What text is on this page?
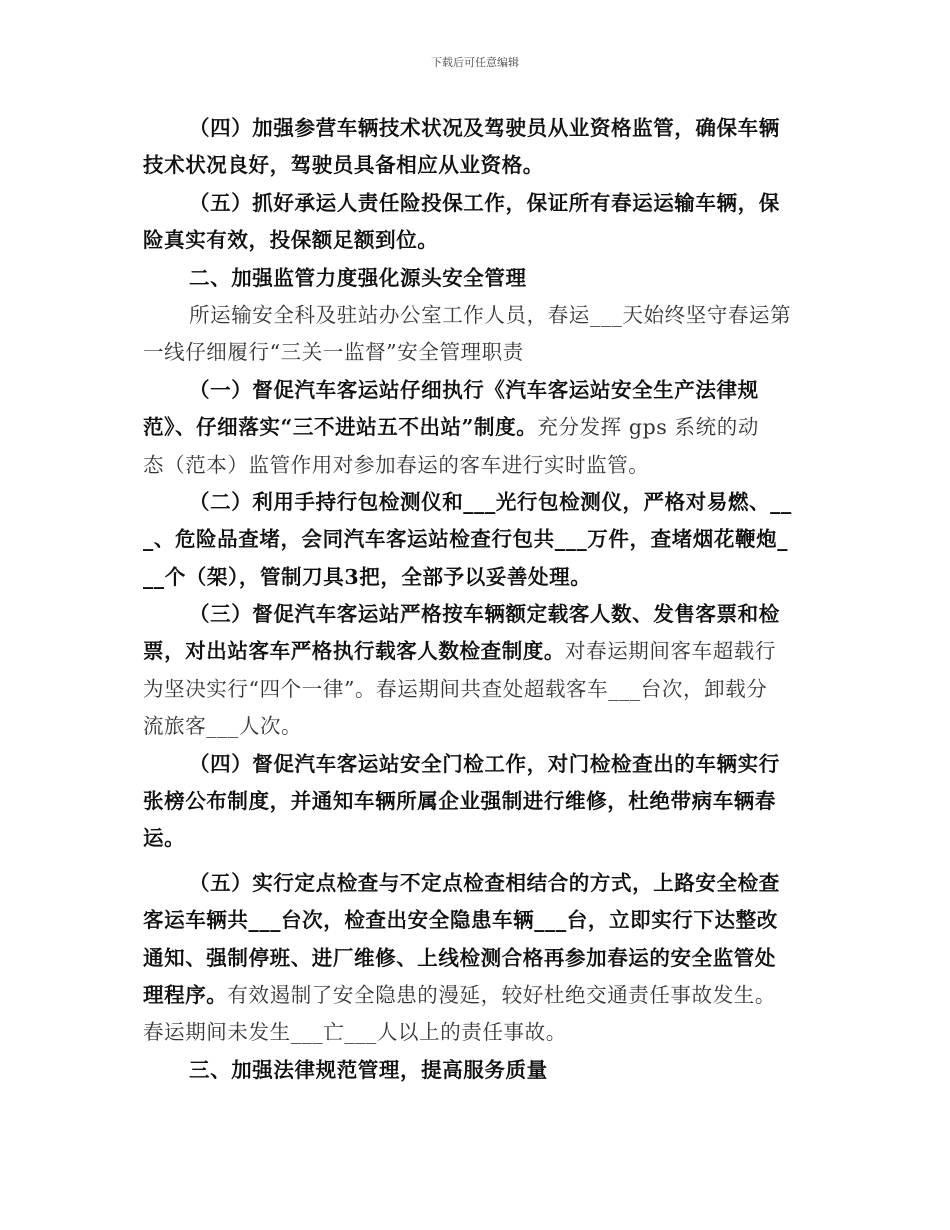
下载后可任意编辑
（四）加强参营车辆技术状况及驾驶员从业资格监管，确保车辆
技术状况良好，驾驶员具备相应从业资格。
（五）抓好承运人责任险投保工作，保证所有春运运输车辆，保
险真实有效，投保额足额到位。
二、加强监管力度强化源头安全管理
所运输安全科及驻站办公室工作人员，春运___天始终坚守春运第
一线仔细履行“三关一监督”安全管理职责
（一）督促汽车客运站仔细执行《汽车客运站安全生产法律规
范》、仔细落实“三不进站五不出站”制度。充分发挥 gps 系统的动
态（范本）监管作用对参加春运的客车进行实时监管。
（二）利用手持行包检测仪和___光行包检测仪，严格对易燃、__
_、危险品查堵，会同汽车客运站检查行包共___万件，查堵烟花鞭炮_
__个（架），管制刀具3把，全部予以妥善处理。
（三）督促汽车客运站严格按车辆额定载客人数、发售客票和检
票，对出站客车严格执行载客人数检查制度。对春运期间客车超载行
为坚决实行“四个一律”。春运期间共查处超载客车___台次，卸载分
流旅客___人次。
（四）督促汽车客运站安全门检工作，对门检检查出的车辆实行
张榜公布制度，并通知车辆所属企业强制进行维修，杜绝带病车辆春
运。
（五）实行定点检查与不定点检查相结合的方式，上路安全检查
客运车辆共___台次，检查出安全隐患车辆___台，立即实行下达整改
通知、强制停班、进厂维修、上线检测合格再参加春运的安全监管处
理程序。有效遏制了安全隐患的漫延，较好杜绝交通责任事故发生。
春运期间未发生___亡___人以上的责任事故。
三、加强法律规范管理，提高服务质量
